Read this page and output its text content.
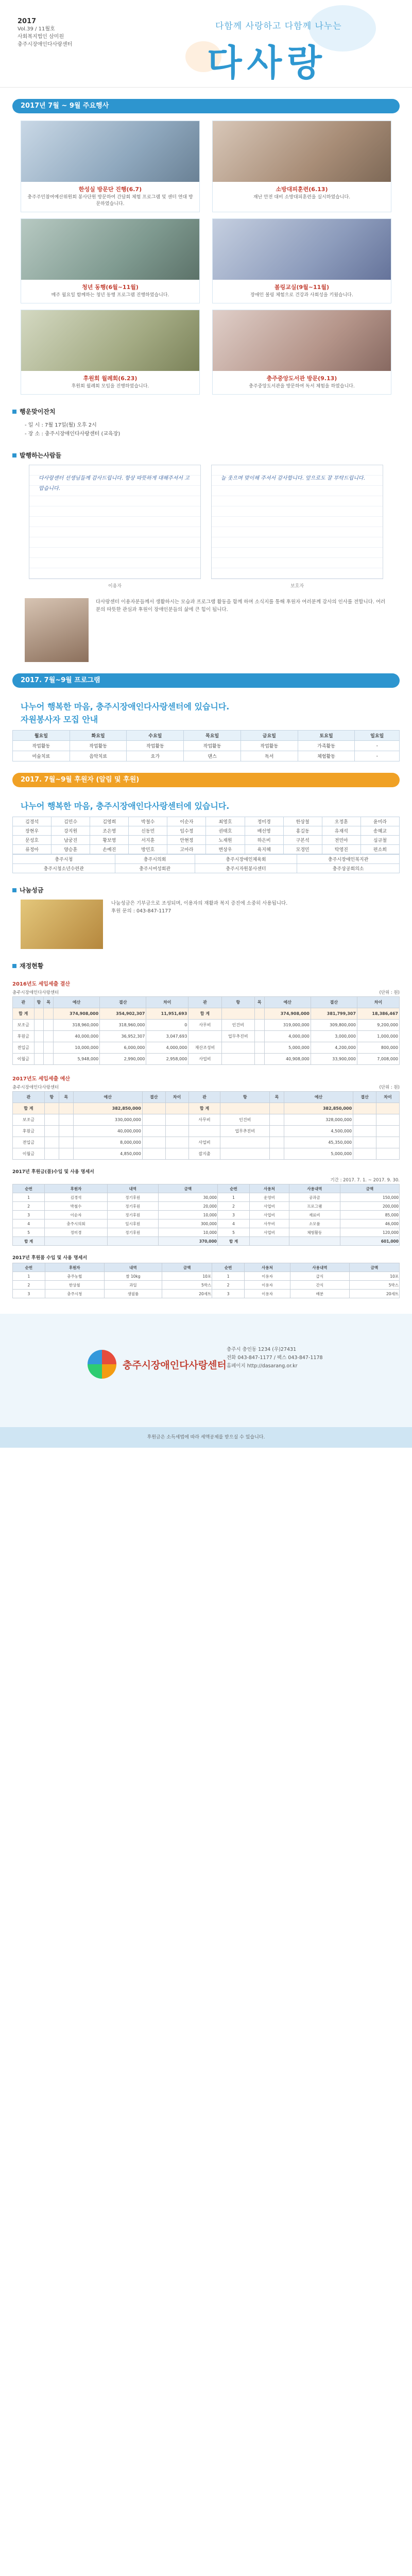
2017
Vol.39 / 11월호
사회복지법인 삼미원
충주시장애인다사랑센터
다함께 사랑하고 다함께 나누는
다사랑
2017년 7월 ~ 9월 주요행사
한성실 방문단 진행(6.7)
충주주민참여예산위원회 봉사단원 방문하여 간담회 체험 프로그램 및 센터 연대 방문하였습니다.
소방대피훈련(6.13)
재난 안전 대비 소방대피훈련을 실시하였습니다.
청년 동행(6월~11월)
매주 월요일 함께하는 청년 동행 프로그램 진행하였습니다.
볼링교실(9월~11월)
장애인 볼링 체험으로 건강과 사회성을 키웠습니다.
후원회 월례회(6.23)
후원회 월례회 모임을 진행하였습니다.
충주중앙도서관 방문(9.13)
충주중앙도서관을 방문하여 독서 체험을 하였습니다.
행운맞이잔치
- 일 시 : 7월 17일(월) 오후 2시
- 장 소 : 충주시장애인다사랑센터 (교육장)
발행하는사람들
다사랑센터 선생님들께 감사드립니다. 항상 따뜻하게 대해주셔서 고맙습니다.
늘 웃으며 맞이해 주셔서 감사합니다. 앞으로도 잘 부탁드립니다.
이용자	보호자
다사랑센터 이용자분들께서 생활하시는 모습과 프로그램 활동을 함께 하며 소식지를 통해 후원자 여러분께 감사의 인사를 전합니다. 여러분의 따뜻한 관심과 후원이 장애인분들의 삶에 큰 힘이 됩니다.
2017. 7월~9월 프로그램
나누어 행복한 마음, 충주시장애인다사랑센터에 있습니다.
자원봉사자 모집 안내
월요일	화요일	수요일	목요일	금요일	토요일	일요일
작업활동	작업활동	작업활동	작업활동	작업활동	가족활동	-
미술치료	음악치료	요가	댄스	독서	체험활동	-
2017. 7월~9월 후원자 (알림 및 후원)
나누어 행복한 마음, 충주시장애인다사랑센터에 있습니다.
김경석	김민수	김영희	박철수	이순자	최영호	정미경	한상철	오정훈	윤미라
장현우	강지원	조은영	신동민	임수정	권태호	배선영	홍길동	유재석	송혜교
문성호	남궁진	황보영	서지훈	안현정	노재원	하은비	구본석	전민아	심규철
류정아	양승훈	손예진	방민호	고아라	변상우	육지혜	모경민	탁영진	편소희
충주시청	충주시의회	충주시장애인체육회	충주시장애인복지관
충주시청소년수련관	충주시여성회관	충주시자원봉사센터	충주상공회의소
나눔성금
나눔성금은 기부금으로 조성되며, 이용자의 재활과 복지 증진에 소중히 사용됩니다.
후원 문의 : 043-847-1177
재정현황
2016년도 세입세출 결산
충주시장애인다사랑센터	(단위 : 원)
관	항	목	예산	결산	차이	관	항	목	예산	결산	차이
합 계			374,908,000	354,902,307	11,951,693	합 계			374,908,000	381,799,307	18,386,467
보조금			318,960,000	318,960,000	0	사무비	인건비		319,000,000	309,800,000	9,200,000
후원금			40,000,000	36,952,307	3,047,693		업무추진비		4,000,000	3,000,000	1,000,000
전입금			10,000,000	6,000,000	4,000,000	재산조성비			5,000,000	4,200,000	800,000
이월금			5,948,000	2,990,000	2,958,000	사업비			40,908,000	33,900,000	7,008,000
2017년도 세입세출 예산
충주시장애인다사랑센터	(단위 : 원)
관	항	목	예산	결산	차이	관	항	목	예산	결산	차이
합 계			382,850,000			합 계			382,850,000		
보조금			330,000,000			사무비	인건비		328,000,000		
후원금			40,000,000				업무추진비		4,500,000		
전입금			8,000,000			사업비			45,350,000		
이월금			4,850,000			잡지출			5,000,000		
2017년 후원금(품)수입 및 사용 명세서
기간 : 2017. 7. 1. ~ 2017. 9. 30.
순번	후원자	내역	금액	순번	사용처	사용내역	금액
1	김경석	정기후원	30,000	1	운영비	공과금	150,000
2	박철수	정기후원	20,000	2	사업비	프로그램	200,000
3	이순자	정기후원	10,000	3	사업비	재료비	85,000
4	충주시의회	일시후원	300,000	4	사무비	소모품	46,000
5	정미경	정기후원	10,000	5	사업비	체험활동	120,000
합 계			370,000	합 계			601,000
2017년 후원품 수입 및 사용 명세서
순번	후원자	내역	금액	순번	사용처	사용내역	금액
1	충주농협	쌀 10kg	10포	1	이용자	급식	10포
2	한상철	과일	5박스	2	이용자	간식	5박스
3	충주시청	생필품	20세트	3	이용자	배분	20세트
충주시장애인다사랑센터
충주시 충인동 1234 (우)27431
전화 043-847-1177 / 팩스 043-847-1178
홈페이지 http://dasarang.or.kr
후원금은 소득세법에 따라 세액공제를 받으실 수 있습니다.
